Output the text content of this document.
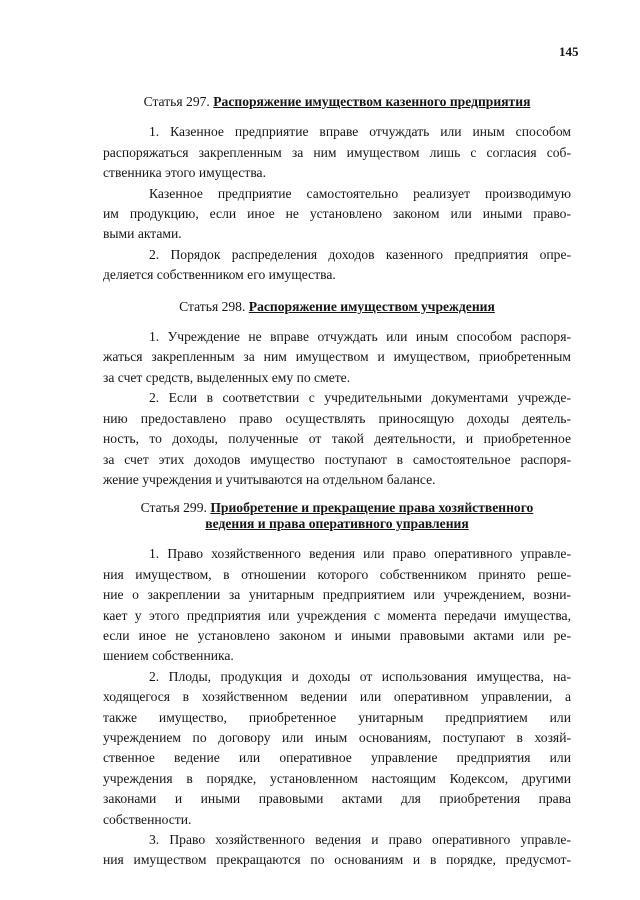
145
Статья 297. Распоряжение имуществом казенного предприятия
1. Казенное предприятие вправе отчуждать или иным способом
распоряжаться закрепленным за ним имуществом лишь с согласия соб-
ственника этого имущества.
Казенное предприятие самостоятельно реализует производимую
им продукцию, если иное не установлено законом или иными право-
выми актами.
2. Порядок распределения доходов казенного предприятия опре-
деляется собственником его имущества.
Статья 298. Распоряжение имуществом учреждения
1. Учреждение не вправе отчуждать или иным способом распоря-
жаться закрепленным за ним имуществом и имуществом, приобретенным
за счет средств, выделенных ему по смете.
2. Если в соответствии с учредительными документами учрежде-
нию предоставлено право осуществлять приносящую доходы деятель-
ность, то доходы, полученные от такой деятельности, и приобретенное
за счет этих доходов имущество поступают в самостоятельное распоря-
жение учреждения и учитываются на отдельном балансе.
Статья 299. Приобретение и прекращение права хозяйственного
ведения и права оперативного управления
1. Право хозяйственного ведения или право оперативного управле-
ния имуществом, в отношении которого собственником принято реше-
ние о закреплении за унитарным предприятием или учреждением, возни-
кает у этого предприятия или учреждения с момента передачи имущества,
если иное не установлено законом и иными правовыми актами или ре-
шением собственника.
2. Плоды, продукция и доходы от использования имущества, на-
ходящегося в хозяйственном ведении или оперативном управлении, а
также имущество, приобретенное унитарным предприятием или
учреждением по договору или иным основаниям, поступают в хозяй-
ственное ведение или оперативное управление предприятия или
учреждения в порядке, установленном настоящим Кодексом, другими
законами и иными правовыми актами для приобретения права
собственности.
3. Право хозяйственного ведения и право оперативного управле-
ния имуществом прекращаются по основаниям и в порядке, предусмот-
